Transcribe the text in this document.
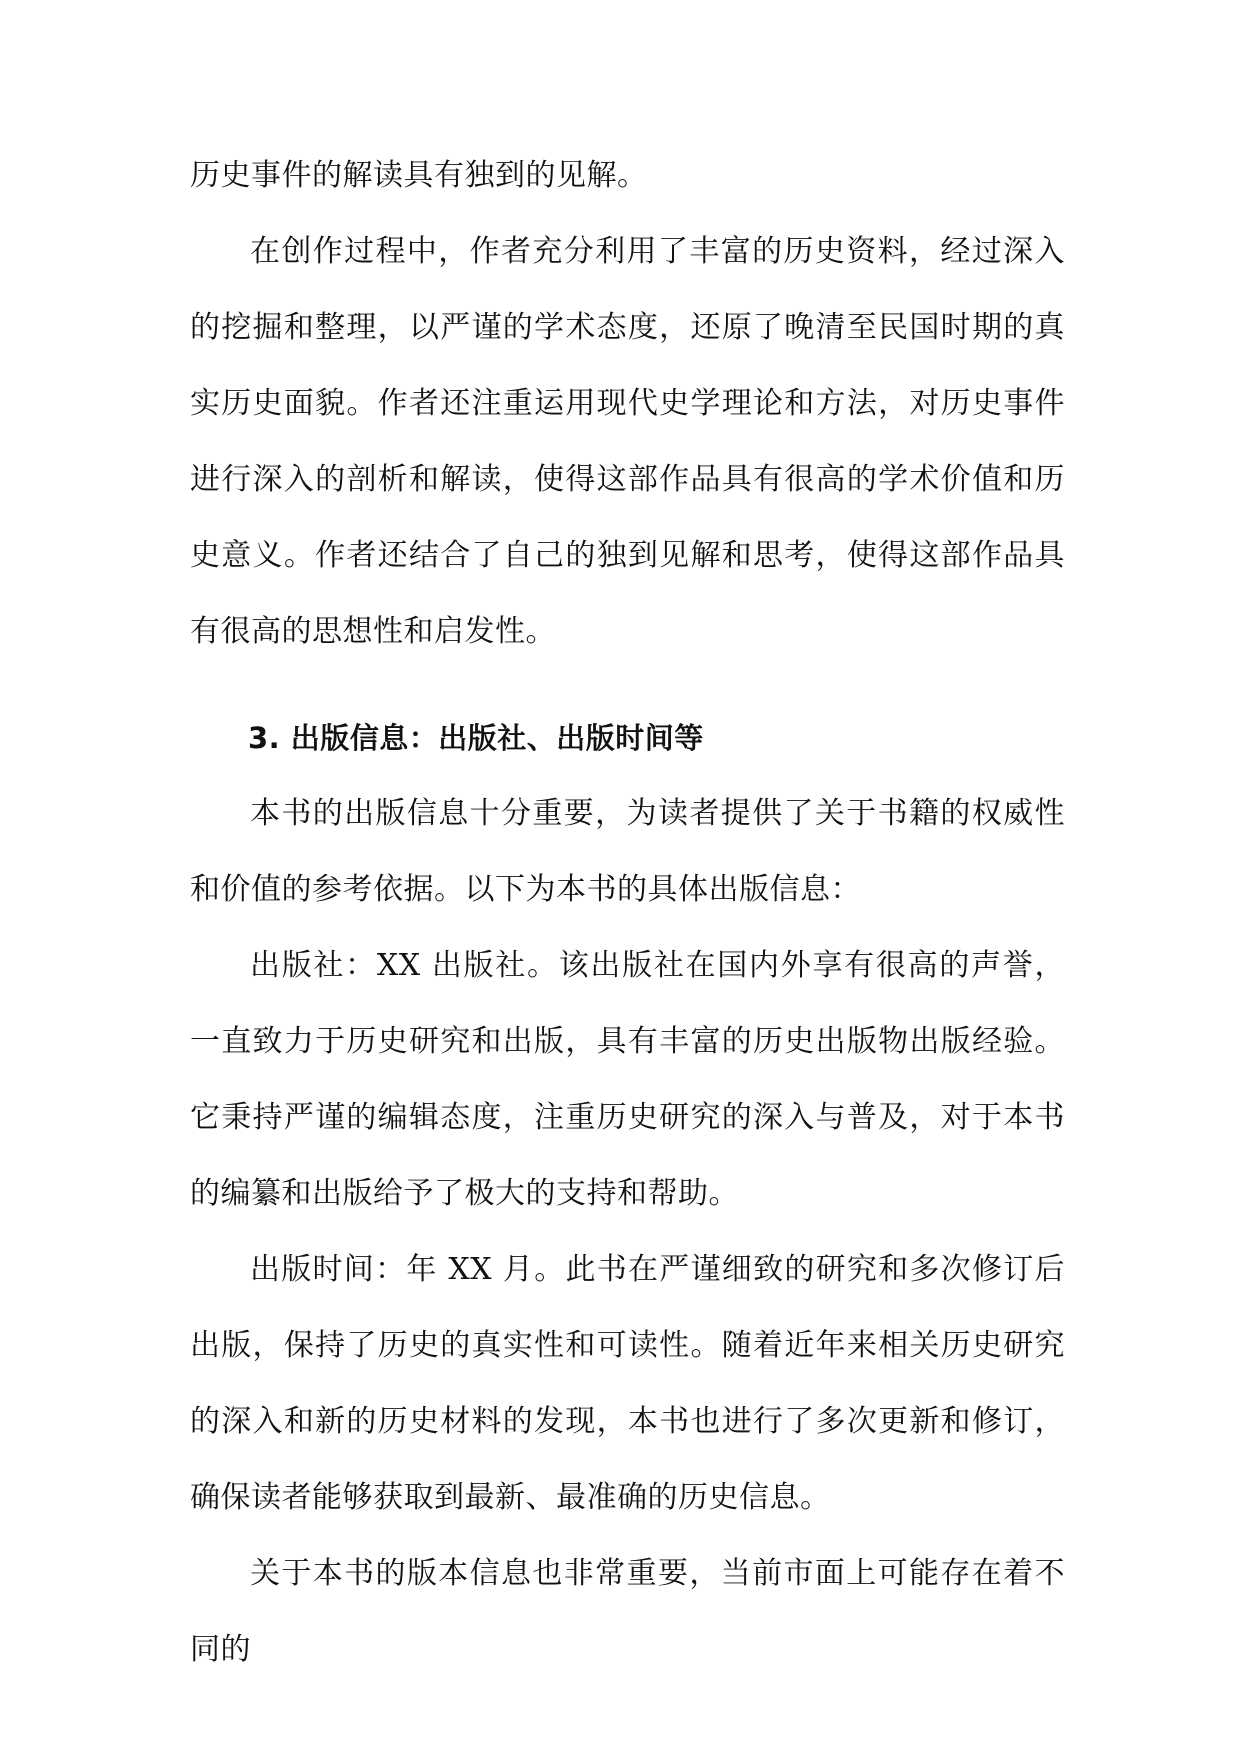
历史事件的解读具有独到的见解。

在创作过程中，作者充分利用了丰富的历史资料，经过深入的挖掘和整理，以严谨的学术态度，还原了晚清至民国时期的真实历史面貌。作者还注重运用现代史学理论和方法，对历史事件进行深入的剖析和解读，使得这部作品具有很高的学术价值和历史意义。作者还结合了自己的独到见解和思考，使得这部作品具有很高的思想性和启发性。

3. 出版信息：出版社、出版时间等

本书的出版信息十分重要，为读者提供了关于书籍的权威性和价值的参考依据。以下为本书的具体出版信息：

出版社：XX 出版社。该出版社在国内外享有很高的声誉，一直致力于历史研究和出版，具有丰富的历史出版物出版经验。它秉持严谨的编辑态度，注重历史研究的深入与普及，对于本书的编纂和出版给予了极大的支持和帮助。

出版时间：年 XX 月。此书在严谨细致的研究和多次修订后出版，保持了历史的真实性和可读性。随着近年来相关历史研究的深入和新的历史材料的发现，本书也进行了多次更新和修订，确保读者能够获取到最新、最准确的历史信息。

关于本书的版本信息也非常重要，当前市面上可能存在着不同的
